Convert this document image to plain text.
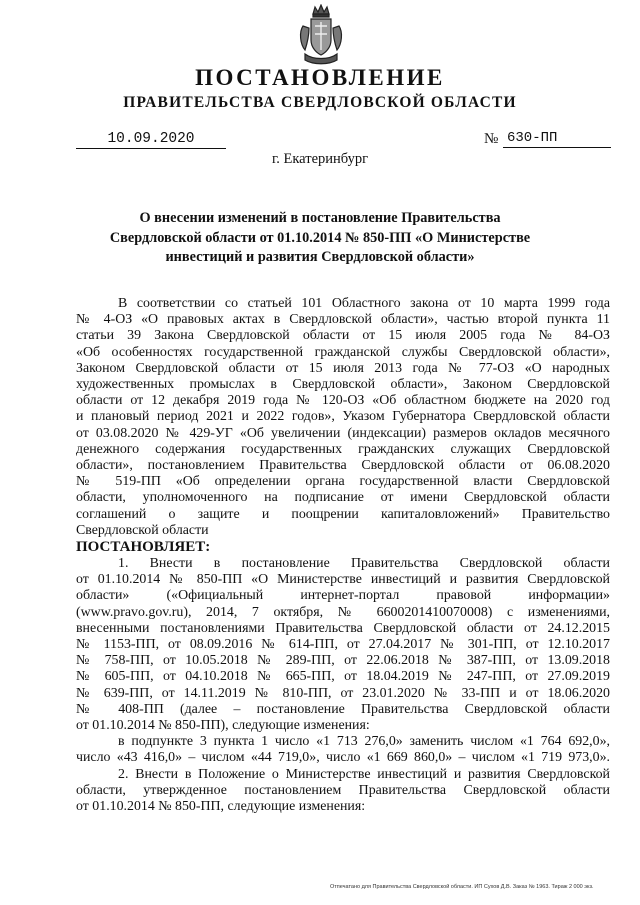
ПОСТАНОВЛЕНИЕ
ПРАВИТЕЛЬСТВА СВЕРДЛОВСКОЙ ОБЛАСТИ
10.09.2020	№ 630-ПП
г. Екатеринбург
О внесении изменений в постановление Правительства
Свердловской области от 01.10.2014 № 850-ПП «О Министерстве
инвестиций и развития Свердловской области»

В соответствии со статьей 101 Областного закона от 10 марта 1999 года

№ 4-ОЗ «О правовых актах в Свердловской области», частью второй пункта 11

статьи 39 Закона Свердловской области от 15 июля 2005 года № 84-ОЗ

«Об особенностях государственной гражданской службы Свердловской области»,

Законом Свердловской области от 15 июля 2013 года № 77-ОЗ «О народных

художественных промыслах в Свердловской области», Законом Свердловской

области от 12 декабря 2019 года № 120-ОЗ «Об областном бюджете на 2020 год

и плановый период 2021 и 2022 годов», Указом Губернатора Свердловской области

от 03.08.2020 № 429-УГ «Об увеличении (индексации) размеров окладов месячного

денежного содержания государственных гражданских служащих Свердловской

области», постановлением Правительства Свердловской области от 06.08.2020

№ 519-ПП «Об определении органа государственной власти Свердловской

области, уполномоченного на подписание от имени Свердловской области

соглашений о защите и поощрении капиталовложений» Правительство

Свердловской области

ПОСТАНОВЛЯЕТ:

1. Внести в постановление Правительства Свердловской области

от 01.10.2014 № 850-ПП «О Министерстве инвестиций и развития Свердловской

области» («Официальный интернет-портал правовой информации»

(www.pravo.gov.ru), 2014, 7 октября, № 6600201410070008) с изменениями,

внесенными постановлениями Правительства Свердловской области от 24.12.2015

№ 1153-ПП, от 08.09.2016 № 614-ПП, от 27.04.2017 № 301-ПП, от 12.10.2017

№ 758-ПП, от 10.05.2018 № 289-ПП, от 22.06.2018 № 387-ПП, от 13.09.2018

№ 605-ПП, от 04.10.2018 № 665-ПП, от 18.04.2019 № 247-ПП, от 27.09.2019

№ 639-ПП, от 14.11.2019 № 810-ПП, от 23.01.2020 № 33-ПП и от 18.06.2020

№ 408-ПП (далее – постановление Правительства Свердловской области

от 01.10.2014 № 850-ПП), следующие изменения:

в подпункте 3 пункта 1 число «1 713 276,0» заменить числом «1 764 692,0»,

число «43 416,0» – числом «44 719,0», число «1 669 860,0» – числом «1 719 973,0».

2. Внести в Положение о Министерстве инвестиций и развития Свердловской

области, утвержденное постановлением Правительства Свердловской области

от 01.10.2014 № 850-ПП, следующие изменения:

Отпечатано для Правительства Свердловской области. ИП Сухов Д.В. Заказ № 1963. Тираж 2 000 экз.
